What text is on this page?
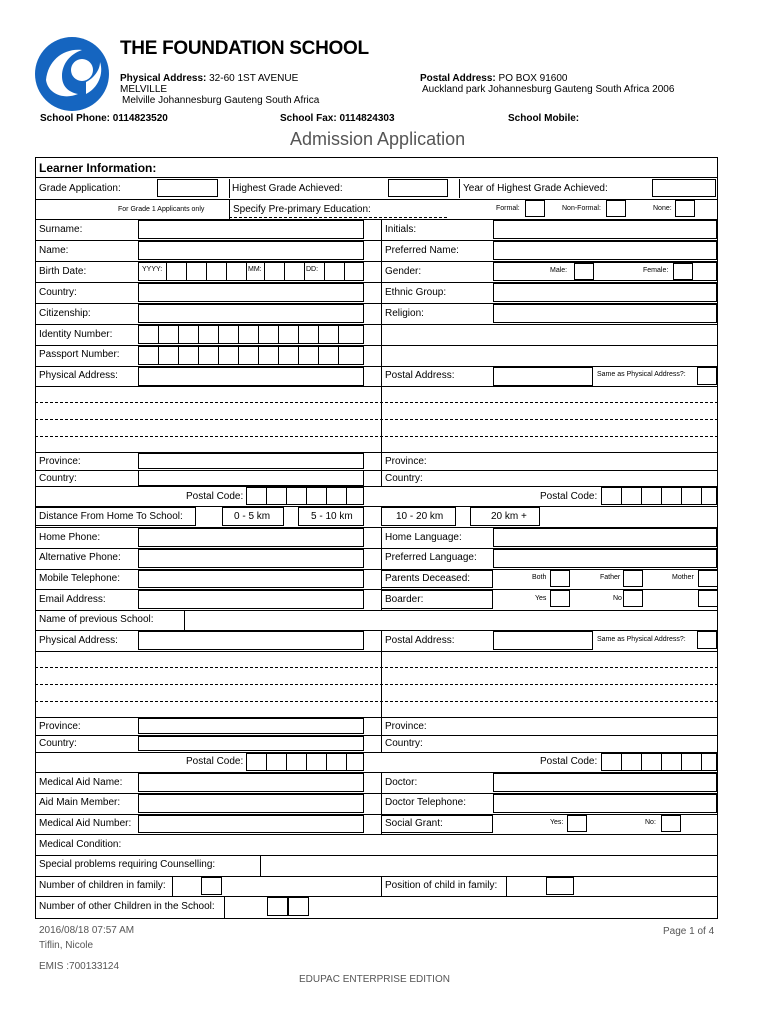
THE FOUNDATION SCHOOL
Physical Address: 32-60 1ST AVENUE
MELVILLE
Melville Johannesburg Gauteng South Africa
Postal Address: PO BOX 91600
Auckland park Johannesburg Gauteng South Africa 2006
School Phone: 0114823520	School Fax: 0114824303	School Mobile:
Admission Application
Learner Information:
Grade Application:	Highest Grade Achieved:	Year of Highest Grade Achieved:
For Grade 1 Applicants only	Specify Pre-primary Education:	Formal:	Non-Formal:	None:
Surname:	Initials:
Name:	Preferred Name:
Birth Date:	YYYY:	MM:	DD:	Gender:	Male:	Female:
Country:	Ethnic Group:
Citizenship:	Religion:
Identity Number:
Passport Number:
Physical Address:	Postal Address:	Same as Physical Address?:
Province:	Province:
Country:	Country:
Postal Code:	Postal Code:
Distance From Home To School:	0 - 5 km	5 - 10 km	10 - 20 km	20 km +
Home Phone:	Home Language:
Alternative Phone:	Preferred Language:
Mobile Telephone:	Parents Deceased:	Both	Father	Mother
Email Address:	Boarder:	Yes	No
Name of previous School:
Physical Address:	Postal Address:	Same as Physical Address?:
Province:	Province:
Country:	Country:
Postal Code:	Postal Code:
Medical Aid Name:	Doctor:
Aid Main Member:	Doctor Telephone:
Medical Aid Number:	Social Grant:	Yes:	No:
Medical Condition:
Special problems requiring Counselling:
Number of children in family:	Position of child in family:
Number of other Children in the School:
2016/08/18 07:57 AM
Tiflin, Nicole
EMIS :700133124
Page 1 of 4
EDUPAC ENTERPRISE EDITION
